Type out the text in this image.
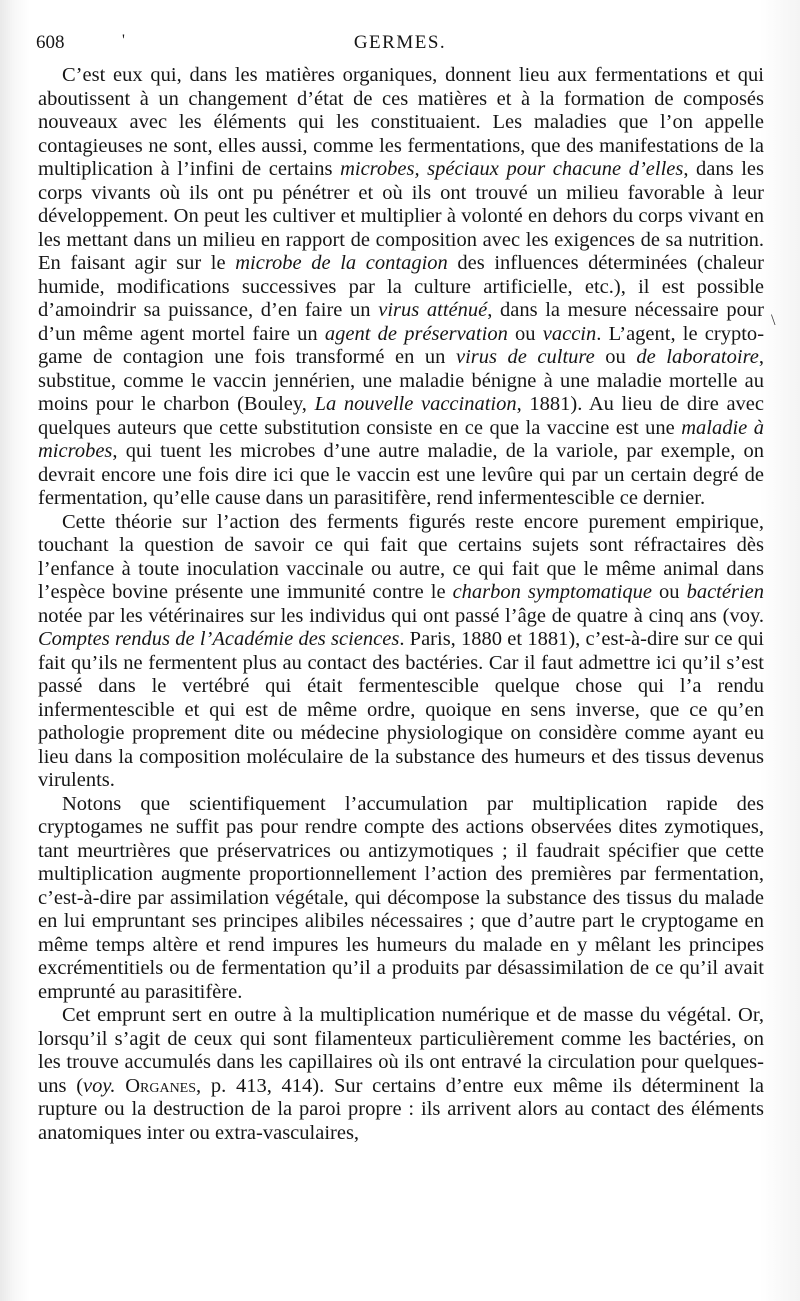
608	'	GERMES.

C’est eux qui, dans les matières organiques, donnent lieu aux fermentations et qui aboutissent à un changement d’état de ces matières et à la formation de composés nouveaux avec les éléments qui les constituaient. Les maladies que l’on appelle contagieuses ne sont, elles aussi, comme les fermentations, que des manifestations de la multiplication à l’infini de certains microbes, spéciaux pour chacune d’elles, dans les corps vivants où ils ont pu pénétrer et où ils ont trouvé un milieu favorable à leur développement. On peut les cultiver et multiplier à volonté en dehors du corps vivant en les mettant dans un milieu en rapport de composition avec les exigences de sa nutrition. En faisant agir sur le microbe de la contagion des influences déterminées (chaleur humide, modifications successives par la culture artificielle, etc.), il est possible d’amoindrir sa puissance, d’en faire un virus atténué, dans la mesure nécessaire pour d’un même agent mortel faire un agent de préservation ou vaccin. L’agent, le cryptogame de contagion une fois transformé en un virus de culture ou de laboratoire, substitue, comme le vaccin jennérien, une maladie bénigne à une maladie mortelle au moins pour le charbon (Bouley, La nouvelle vaccination, 1881). Au lieu de dire avec quelques auteurs que cette substitution consiste en ce que la vaccine est une maladie à microbes, qui tuent les microbes d’une autre maladie, de la variole, par exemple, on devrait encore une fois dire ici que le vaccin est une levûre qui par un certain degré de fermentation, qu’elle cause dans un parasitifère, rend infermentescible ce dernier.

Cette théorie sur l’action des ferments figurés reste encore purement empirique, touchant la question de savoir ce qui fait que certains sujets sont réfractaires dès l’enfance à toute inoculation vaccinale ou autre, ce qui fait que le même animal dans l’espèce bovine présente une immunité contre le charbon symptomatique ou bactérien notée par les vétérinaires sur les individus qui ont passé l’âge de quatre à cinq ans (voy. Comptes rendus de l’Académie des sciences. Paris, 1880 et 1881), c’est-à-dire sur ce qui fait qu’ils ne fermentent plus au contact des bactéries. Car il faut admettre ici qu’il s’est passé dans le vertébré qui était fermentescible quelque chose qui l’a rendu infermentescible et qui est de même ordre, quoique en sens inverse, que ce qu’en pathologie proprement dite ou médecine physiologique on considère comme ayant eu lieu dans la composition moléculaire de la substance des humeurs et des tissus devenus virulents.

Notons que scientifiquement l’accumulation par multiplication rapide des cryptogames ne suffit pas pour rendre compte des actions observées dites zymotiques, tant meurtrières que préservatrices ou antizymotiques ; il faudrait spécifier que cette multiplication augmente proportionnellement l’action des premières par fermentation, c’est-à-dire par assimilation végétale, qui décompose la substance des tissus du malade en lui empruntant ses principes alibiles nécessaires ; que d’autre part le cryptogame en même temps altère et rend impures les humeurs du malade en y mêlant les principes excrémentitiels ou de fermentation qu’il a produits par désassimilation de ce qu’il avait emprunté au parasitifère.

Cet emprunt sert en outre à la multiplication numérique et de masse du végétal. Or, lorsqu’il s’agit de ceux qui sont filamenteux particulièrement comme les bactéries, on les trouve accumulés dans les capillaires où ils ont entravé la circulation pour quelques-uns (voy. Organes, p. 413, 414). Sur certains d’entre eux même ils déterminent la rupture ou la destruction de la paroi propre : ils arrivent alors au contact des éléments anatomiques inter ou extra-vasculaires,

\
